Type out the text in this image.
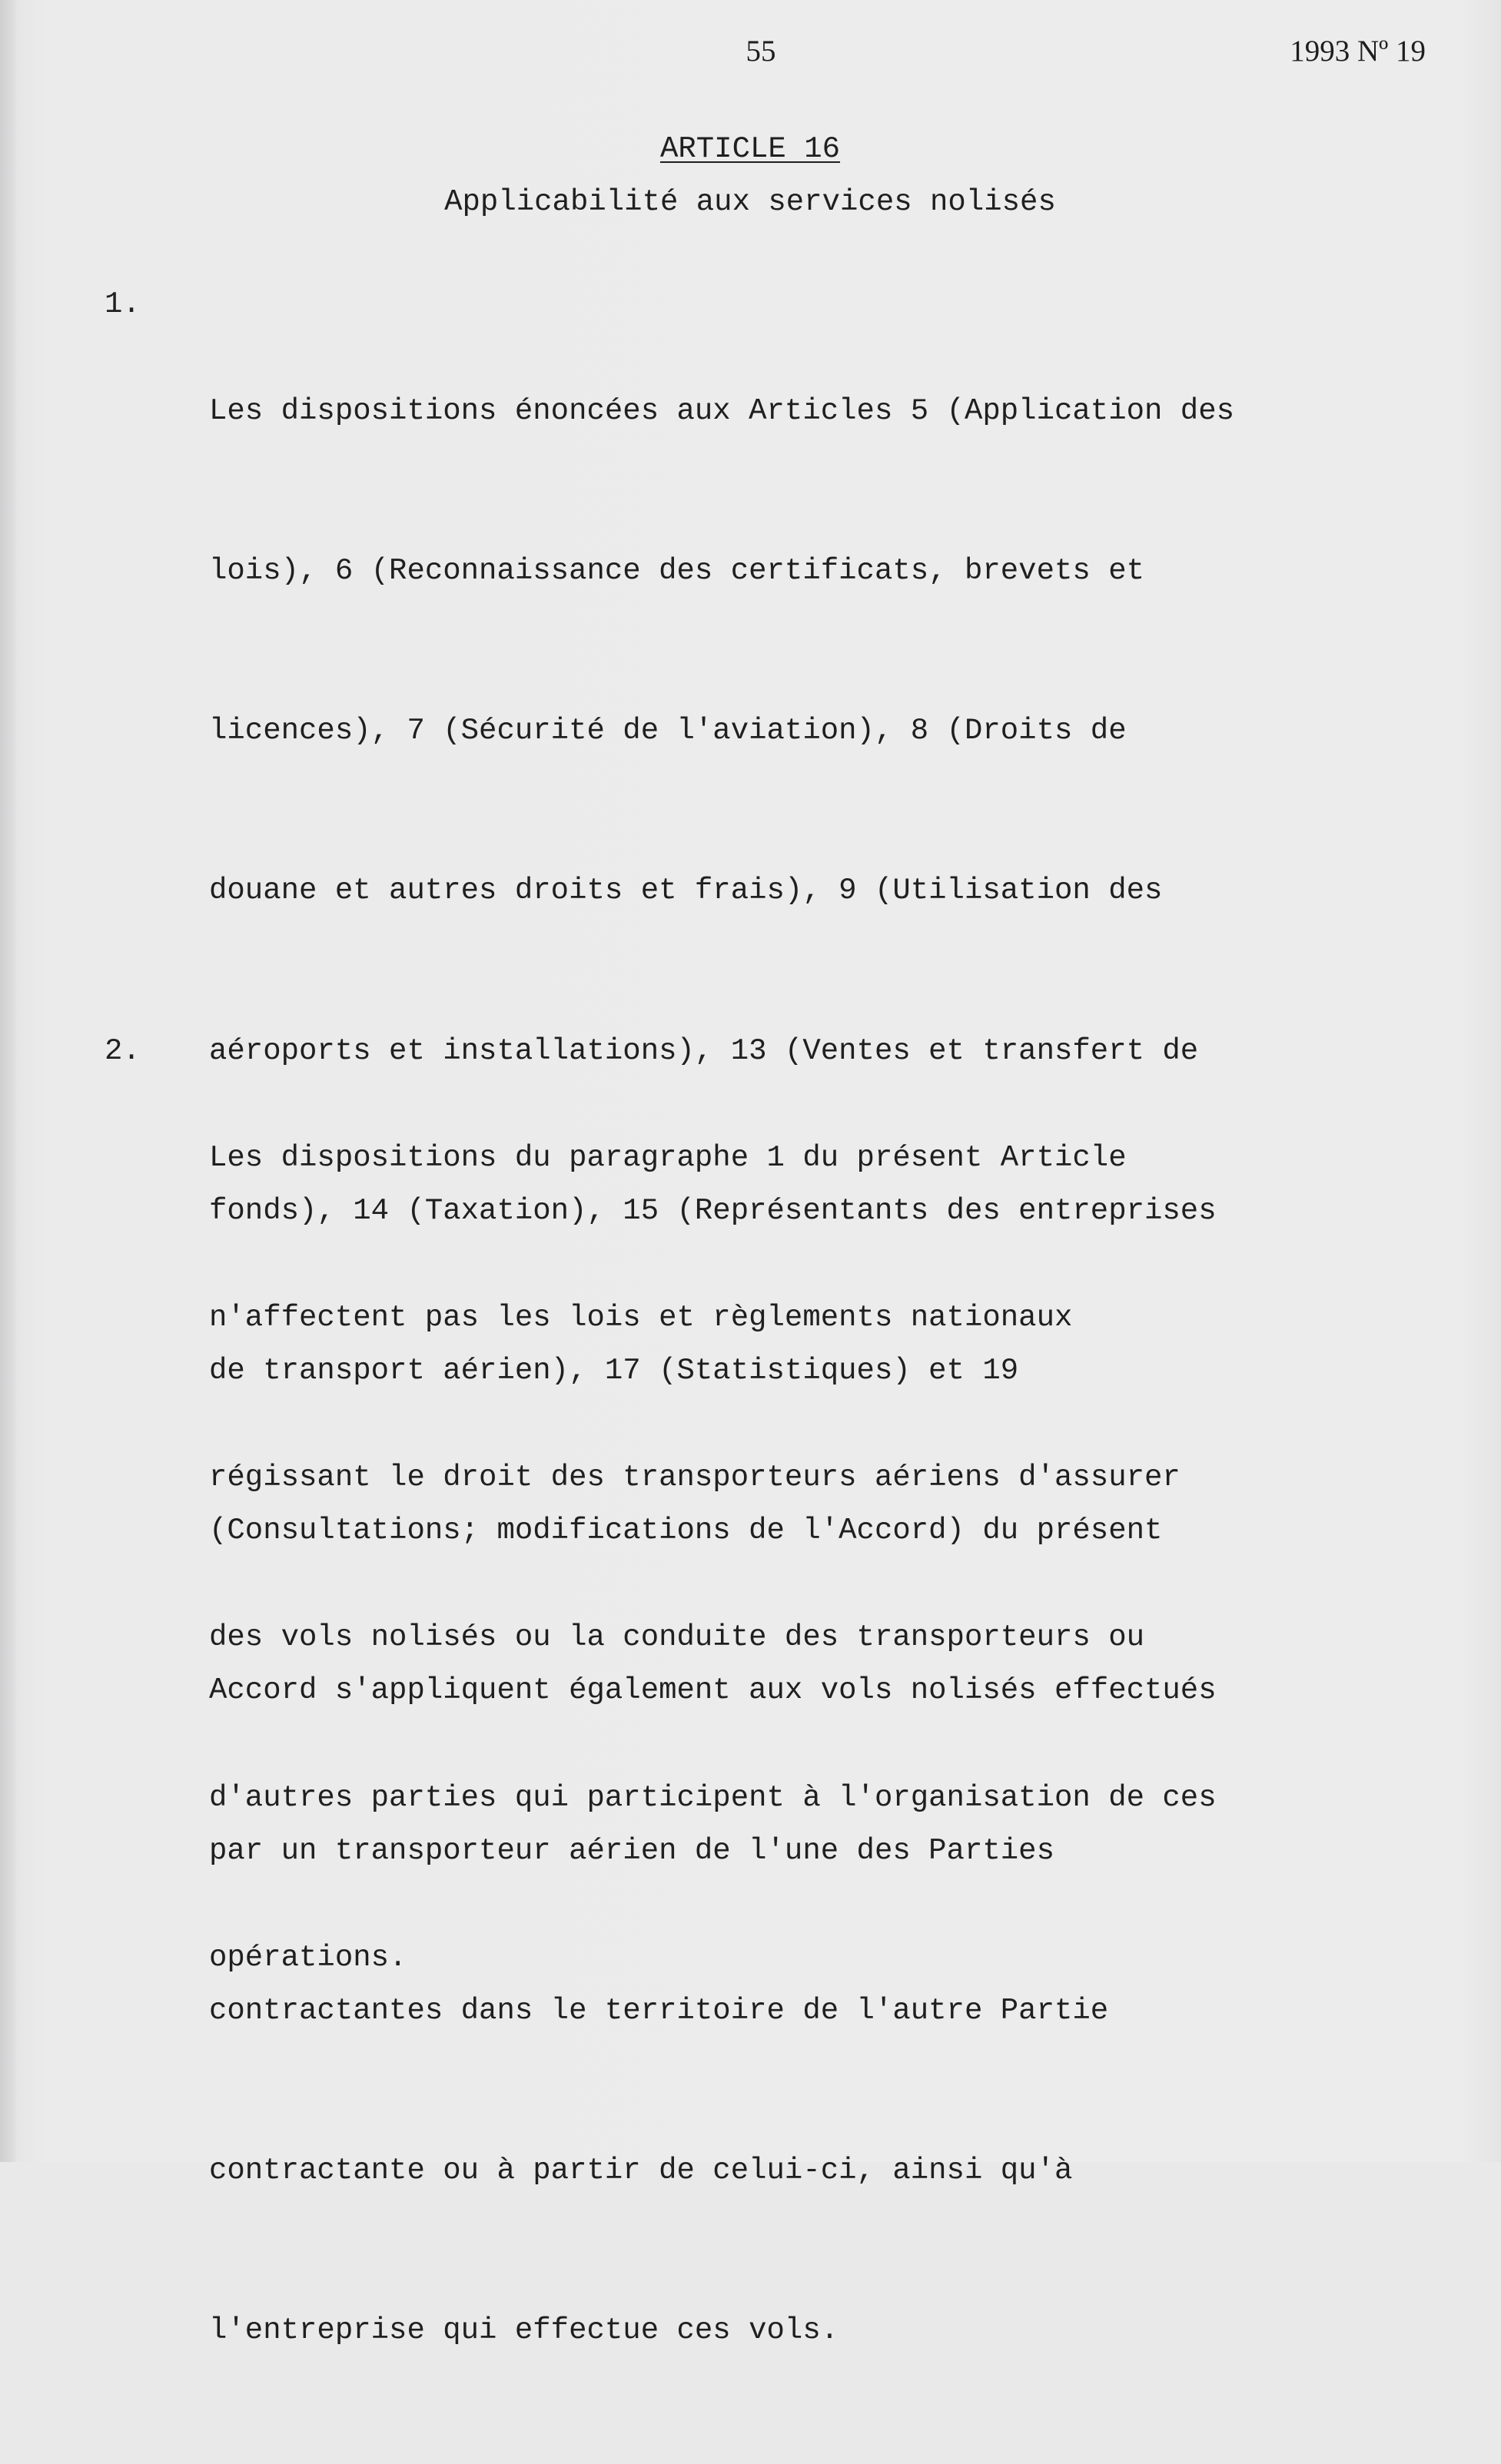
55	1993 Nº 19
ARTICLE 16
Applicabilité aux services nolisés
1.

Les dispositions énoncées aux Articles 5 (Application des

lois), 6 (Reconnaissance des certificats, brevets et

licences), 7 (Sécurité de l'aviation), 8 (Droits de

douane et autres droits et frais), 9 (Utilisation des

aéroports et installations), 13 (Ventes et transfert de

fonds), 14 (Taxation), 15 (Représentants des entreprises

de transport aérien), 17 (Statistiques) et 19

(Consultations; modifications de l'Accord) du présent

Accord s'appliquent également aux vols nolisés effectués

par un transporteur aérien de l'une des Parties

contractantes dans le territoire de l'autre Partie

contractante ou à partir de celui-ci, ainsi qu'à

l'entreprise qui effectue ces vols.

2.

Les dispositions du paragraphe 1 du présent Article

n'affectent pas les lois et règlements nationaux

régissant le droit des transporteurs aériens d'assurer

des vols nolisés ou la conduite des transporteurs ou

d'autres parties qui participent à l'organisation de ces

opérations.
